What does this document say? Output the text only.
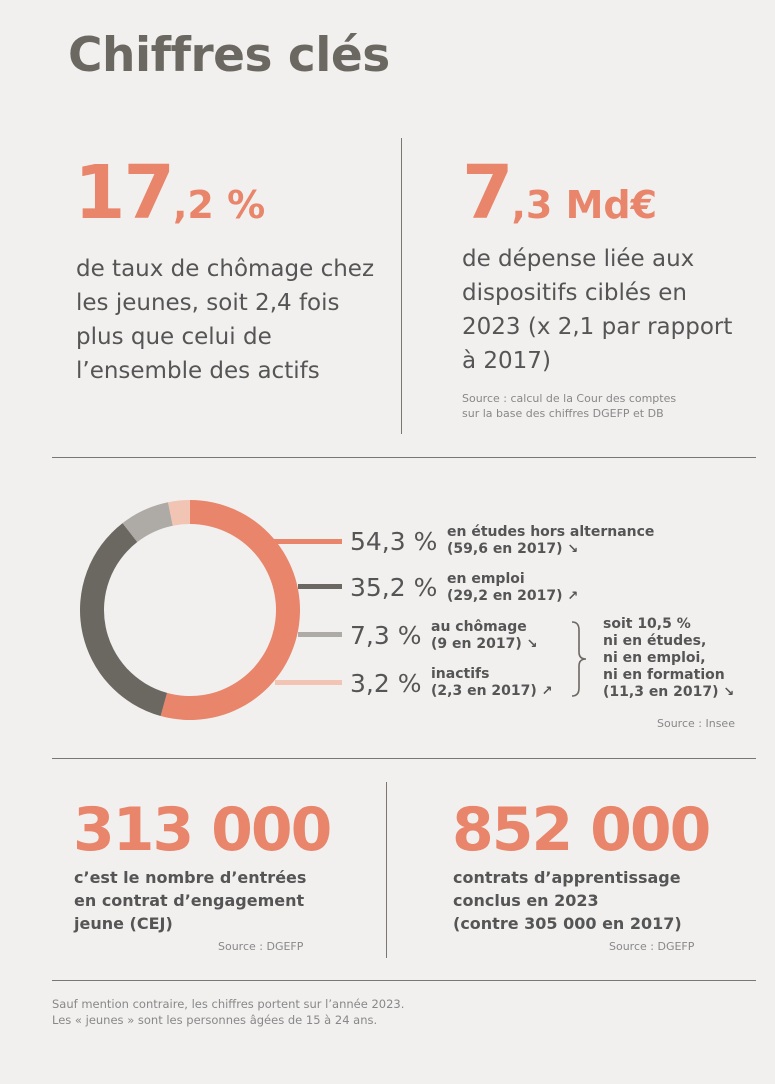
Chiffres clés
17,2 %
de taux de chômage chez les jeunes, soit 2,4 fois plus que celui de l’ensemble des actifs
7,3 Md€
de dépense liée aux dispositifs ciblés en 2023 (x 2,1 par rapport à 2017)
Source : calcul de la Cour des comptes
sur la base des chiffres DGEFP et DB
54,3 %
35,2 %
7,3 %
3,2 %
en études hors alternance
(59,6 en 2017) ↘
en emploi
(29,2 en 2017) ↗
au chômage
(9 en 2017) ↘
inactifs
(2,3 en 2017) ↗
soit 10,5 %
ni en études,
ni en emploi,
ni en formation
(11,3 en 2017) ↘
Source : Insee
313 000
c’est le nombre d’entrées
en contrat d’engagement
jeune (CEJ)
Source : DGEFP
852 000
contrats d’apprentissage
conclus en 2023
(contre 305 000 en 2017)
Source : DGEFP
Sauf mention contraire, les chiffres portent sur l’année 2023.
Les « jeunes » sont les personnes âgées de 15 à 24 ans.
